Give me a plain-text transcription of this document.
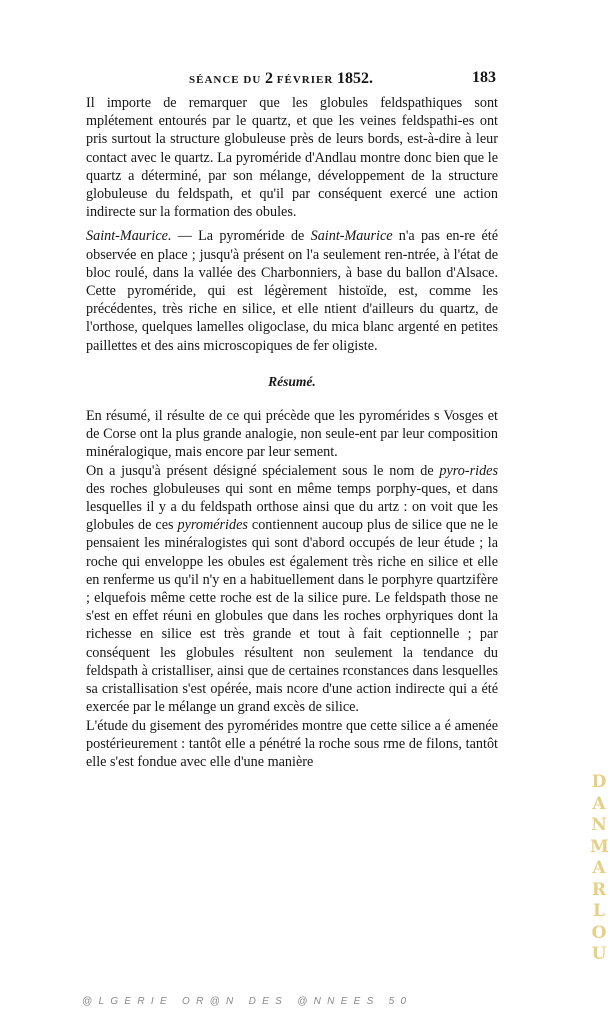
SÉANCE DU 2 FÉVRIER 1852.	183

Il importe de remarquer que les globules feldspathiques sont mplétement entourés par le quartz, et que les veines feldspathi-es ont pris surtout la structure globuleuse près de leurs bords, est-à-dire à leur contact avec le quartz. La pyroméride d'Andlau montre donc bien que le quartz a déterminé, par son mélange, développement de la structure globuleuse du feldspath, et qu'il par conséquent exercé une action indirecte sur la formation des obules.

Saint-Maurice. — La pyroméride de Saint-Maurice n'a pas en-re été observée en place ; jusqu'à présent on l'a seulement ren-ntrée, à l'état de bloc roulé, dans la vallée des Charbonniers, à base du ballon d'Alsace. Cette pyroméride, qui est légèrement histoïde, est, comme les précédentes, très riche en silice, et elle ntient d'ailleurs du quartz, de l'orthose, quelques lamelles oligoclase, du mica blanc argenté en petites paillettes et des ains microscopiques de fer oligiste.

Résumé.

En résumé, il résulte de ce qui précède que les pyromérides s Vosges et de Corse ont la plus grande analogie, non seule-ent par leur composition minéralogique, mais encore par leur sement.

On a jusqu'à présent désigné spécialement sous le nom de pyro-rides des roches globuleuses qui sont en même temps porphy-ques, et dans lesquelles il y a du feldspath orthose ainsi que du artz : on voit que les globules de ces pyromérides contiennent aucoup plus de silice que ne le pensaient les minéralogistes qui sont d'abord occupés de leur étude ; la roche qui enveloppe les obules est également très riche en silice et elle en renferme us qu'il n'y en a habituellement dans le porphyre quartzifère ; elquefois même cette roche est de la silice pure. Le feldspath those ne s'est en effet réuni en globules que dans les roches orphyriques dont la richesse en silice est très grande et tout à fait ceptionnelle ; par conséquent les globules résultent non seulement la tendance du feldspath à cristalliser, ainsi que de certaines rconstances dans lesquelles sa cristallisation s'est opérée, mais ncore d'une action indirecte qui a été exercée par le mélange un grand excès de silice.

L'étude du gisement des pyromérides montre que cette silice a é amenée postérieurement : tantôt elle a pénétré la roche sous rme de filons, tantôt elle s'est fondue avec elle d'une manière

DANMARLOU
@LGERIE OR@N DES @NNEES 50
